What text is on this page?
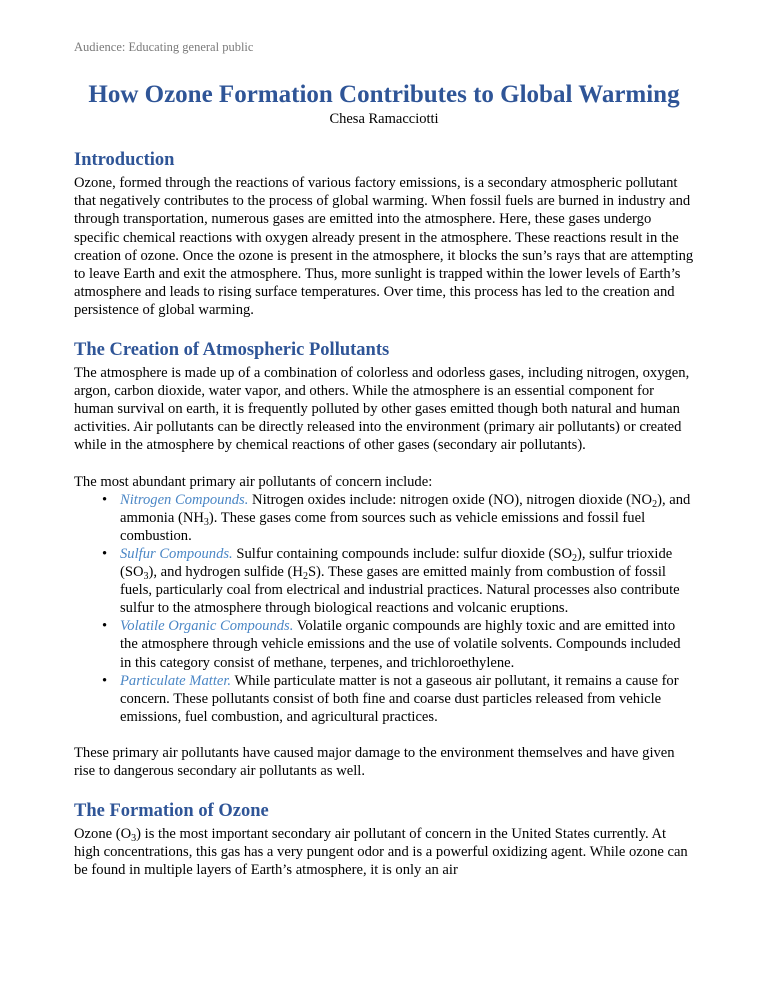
Audience: Educating general public

How Ozone Formation Contributes to Global Warming

Chesa Ramacciotti

Introduction

Ozone, formed through the reactions of various factory emissions, is a secondary atmospheric pollutant that negatively contributes to the process of global warming. When fossil fuels are burned in industry and through transportation, numerous gases are emitted into the atmosphere. Here, these gases undergo specific chemical reactions with oxygen already present in the atmosphere. These reactions result in the creation of ozone. Once the ozone is present in the atmosphere, it blocks the sun’s rays that are attempting to leave Earth and exit the atmosphere. Thus, more sunlight is trapped within the lower levels of Earth’s atmosphere and leads to rising surface temperatures. Over time, this process has led to the creation and persistence of global warming.

The Creation of Atmospheric Pollutants

The atmosphere is made up of a combination of colorless and odorless gases, including nitrogen, oxygen, argon, carbon dioxide, water vapor, and others. While the atmosphere is an essential component for human survival on earth, it is frequently polluted by other gases emitted though both natural and human activities. Air pollutants can be directly released into the environment (primary air pollutants) or created while in the atmosphere by chemical reactions of other gases (secondary air pollutants).

The most abundant primary air pollutants of concern include:

• Nitrogen Compounds. Nitrogen oxides include: nitrogen oxide (NO), nitrogen dioxide $(NO_2)$, and ammonia $(NH_3)$. These gases come from sources such as vehicle emissions and fossil fuel combustion.
• Sulfur Compounds. Sulfur containing compounds include: sulfur dioxide $(SO_2)$, sulfur trioxide $(SO_3)$, and hydrogen sulfide $(H_2S)$. These gases are emitted mainly from combustion of fossil fuels, particularly coal from electrical and industrial practices. Natural processes also contribute sulfur to the atmosphere through biological reactions and volcanic eruptions.
• Volatile Organic Compounds. Volatile organic compounds are highly toxic and are emitted into the atmosphere through vehicle emissions and the use of volatile solvents. Compounds included in this category consist of methane, terpenes, and trichloroethylene.
• Particulate Matter. While particulate matter is not a gaseous air pollutant, it remains a cause for concern. These pollutants consist of both fine and coarse dust particles released from vehicle emissions, fuel combustion, and agricultural practices.

These primary air pollutants have caused major damage to the environment themselves and have given rise to dangerous secondary air pollutants as well.

The Formation of Ozone

Ozone $(O_3)$ is the most important secondary air pollutant of concern in the United States currently. At high concentrations, this gas has a very pungent odor and is a powerful oxidizing agent. While ozone can be found in multiple layers of Earth’s atmosphere, it is only an air
